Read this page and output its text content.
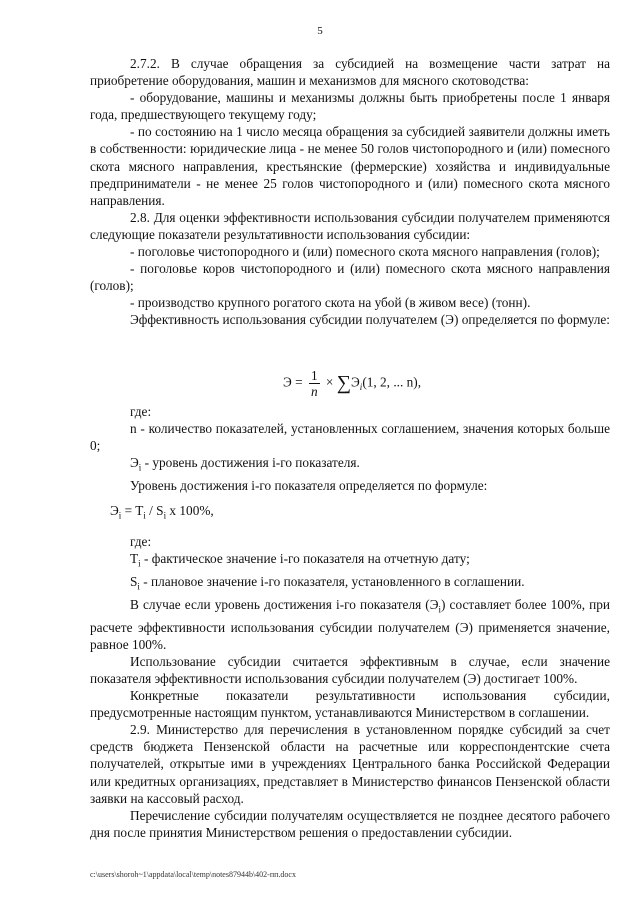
5

2.7.2. В случае обращения за субсидией на возмещение части затрат на приобретение оборудования, машин и механизмов для мясного скотоводства:

- оборудование, машины и механизмы должны быть приобретены после 1 января года, предшествующего текущему году;

- по состоянию на 1 число месяца обращения за субсидией заявители должны иметь в собственности: юридические лица - не менее 50 голов чистопородного и (или) помесного скота мясного направления, крестьянские (фермерские) хозяйства и индивидуальные предприниматели - не менее 25 голов чистопородного и (или) помесного скота мясного направления.

2.8. Для оценки эффективности использования субсидии получателем применяются следующие показатели результативности использования субсидии:

- поголовье чистопородного и (или) помесного скота мясного направления (голов);

- поголовье коров чистопородного и (или) помесного скота мясного направления (голов);

- производство крупного рогатого скота на убой (в живом весе) (тонн).

Эффективность использования субсидии получателем (Э) определяется по формуле:

где:

n - количество показателей, установленных соглашением, значения которых больше 0;

$Э_i$ - уровень достижения i-го показателя.

Уровень достижения i-го показателя определяется по формуле:

$Э_i = T_i / S_i$ х 100%,

где:

$T_i$ - фактическое значение i-го показателя на отчетную дату;

$S_i$ - плановое значение i-го показателя, установленного в соглашении.

В случае если уровень достижения i-го показателя $(Э_i)$ составляет более 100%, при расчете эффективности использования субсидии получателем (Э) применяется значение, равное 100%.

Использование субсидии считается эффективным в случае, если значение показателя эффективности использования субсидии получателем (Э) достигает 100%.

Конкретные показатели результативности использования субсидии, предусмотренные настоящим пунктом, устанавливаются Министерством в соглашении.

2.9. Министерство для перечисления в установленном порядке субсидий за счет средств бюджета Пензенской области на расчетные или корреспондентские счета получателей, открытые ими в учреждениях Центрального банка Российской Федерации или кредитных организациях, представляет в Министерство финансов Пензенской области заявки на кассовый расход.

Перечисление субсидии получателям осуществляется не позднее десятого рабочего дня после принятия Министерством решения о предоставлении субсидии.

$Э = \frac{1}{n} \times \sum Э_i(1$, 2, ... n),
c:\users\shoroh~1\appdata\local\temp\notes87944b\402-пп.docx
